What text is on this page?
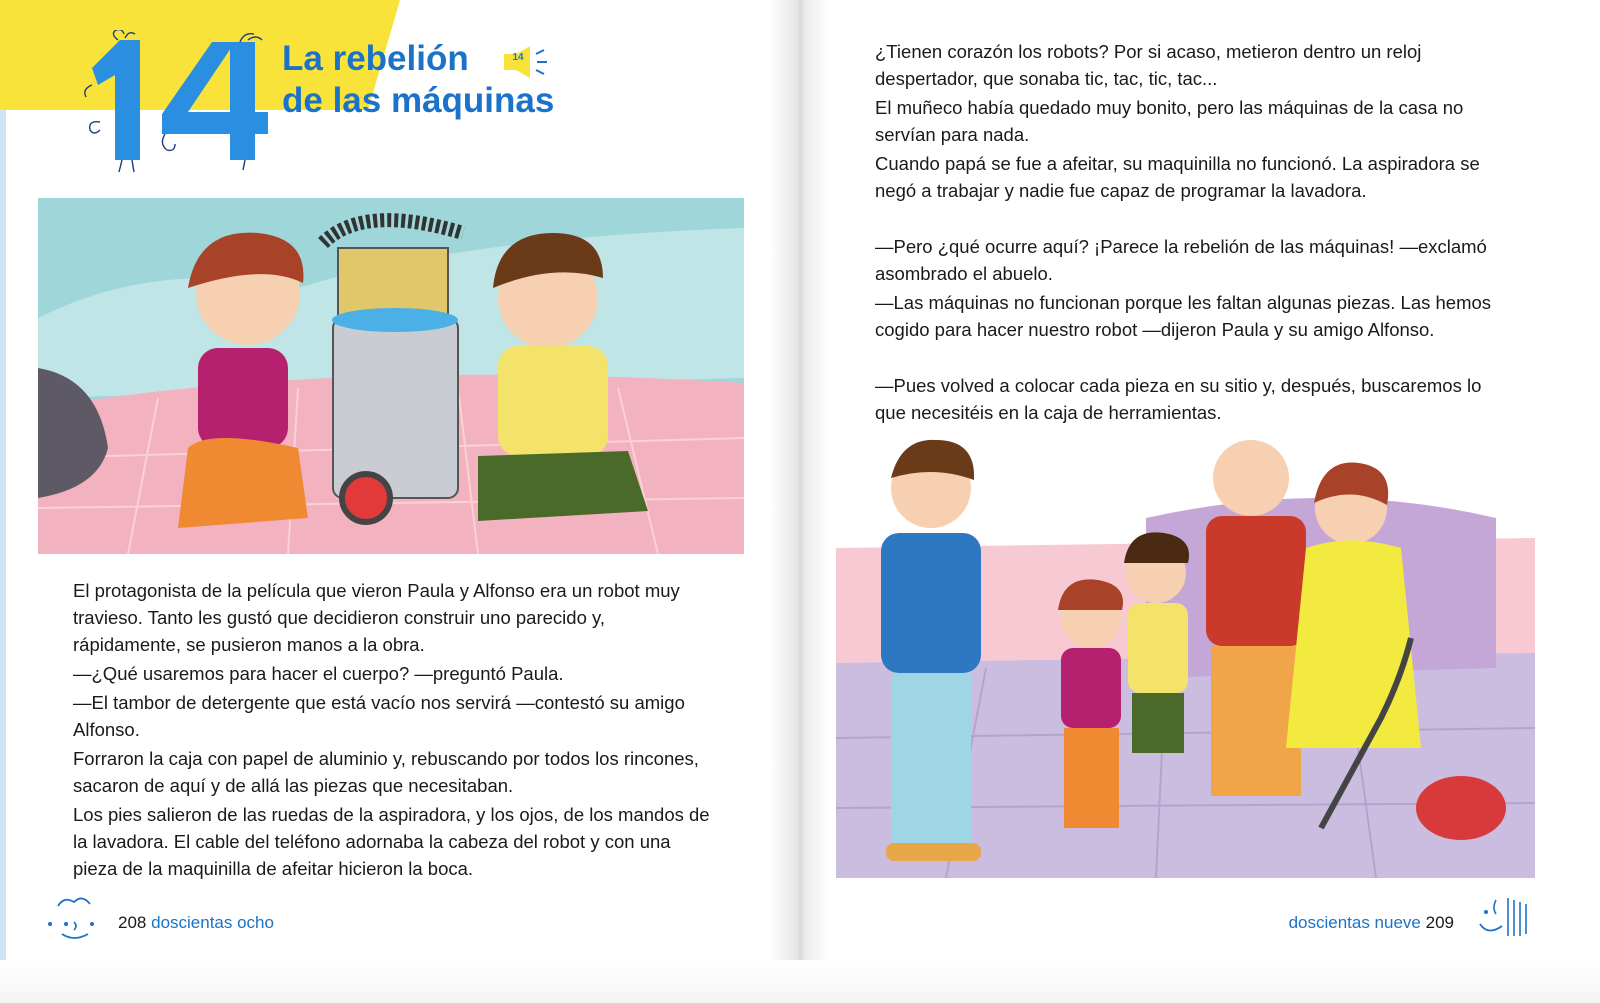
La rebelión
de las máquinas
14
El protagonista de la película que vieron Paula y Alfonso era un robot muy travieso. Tanto les gustó que decidieron construir uno parecido y, rápidamente, se pusieron manos a la obra.
—¿Qué usaremos para hacer el cuerpo? —preguntó Paula.
—El tambor de detergente que está vacío nos servirá —contestó su amigo Alfonso.
Forraron la caja con papel de aluminio y, rebuscando por todos los rincones, sacaron de aquí y de allá las piezas que necesitaban.
Los pies salieron de las ruedas de la aspiradora, y los ojos, de los mandos de la lavadora. El cable del teléfono adornaba la cabeza del robot y con una pieza de la maquinilla de afeitar hicieron la boca.
¿Tienen corazón los robots? Por si acaso, metieron dentro un reloj despertador, que sonaba tic, tac, tic, tac...
El muñeco había quedado muy bonito, pero las máquinas de la casa no servían para nada.
Cuando papá se fue a afeitar, su maquinilla no funcionó. La aspiradora se negó a trabajar y nadie fue capaz de programar la lavadora.
—Pero ¿qué ocurre aquí? ¡Parece la rebelión de las máquinas! —exclamó asombrado el abuelo.
—Las máquinas no funcionan porque les faltan algunas piezas. Las hemos cogido para hacer nuestro robot —dijeron Paula y su amigo Alfonso.
—Pues volved a colocar cada pieza en su sitio y, después, buscaremos lo que necesitéis en la caja de herramientas.
208 doscientas ocho	doscientas nueve 209
